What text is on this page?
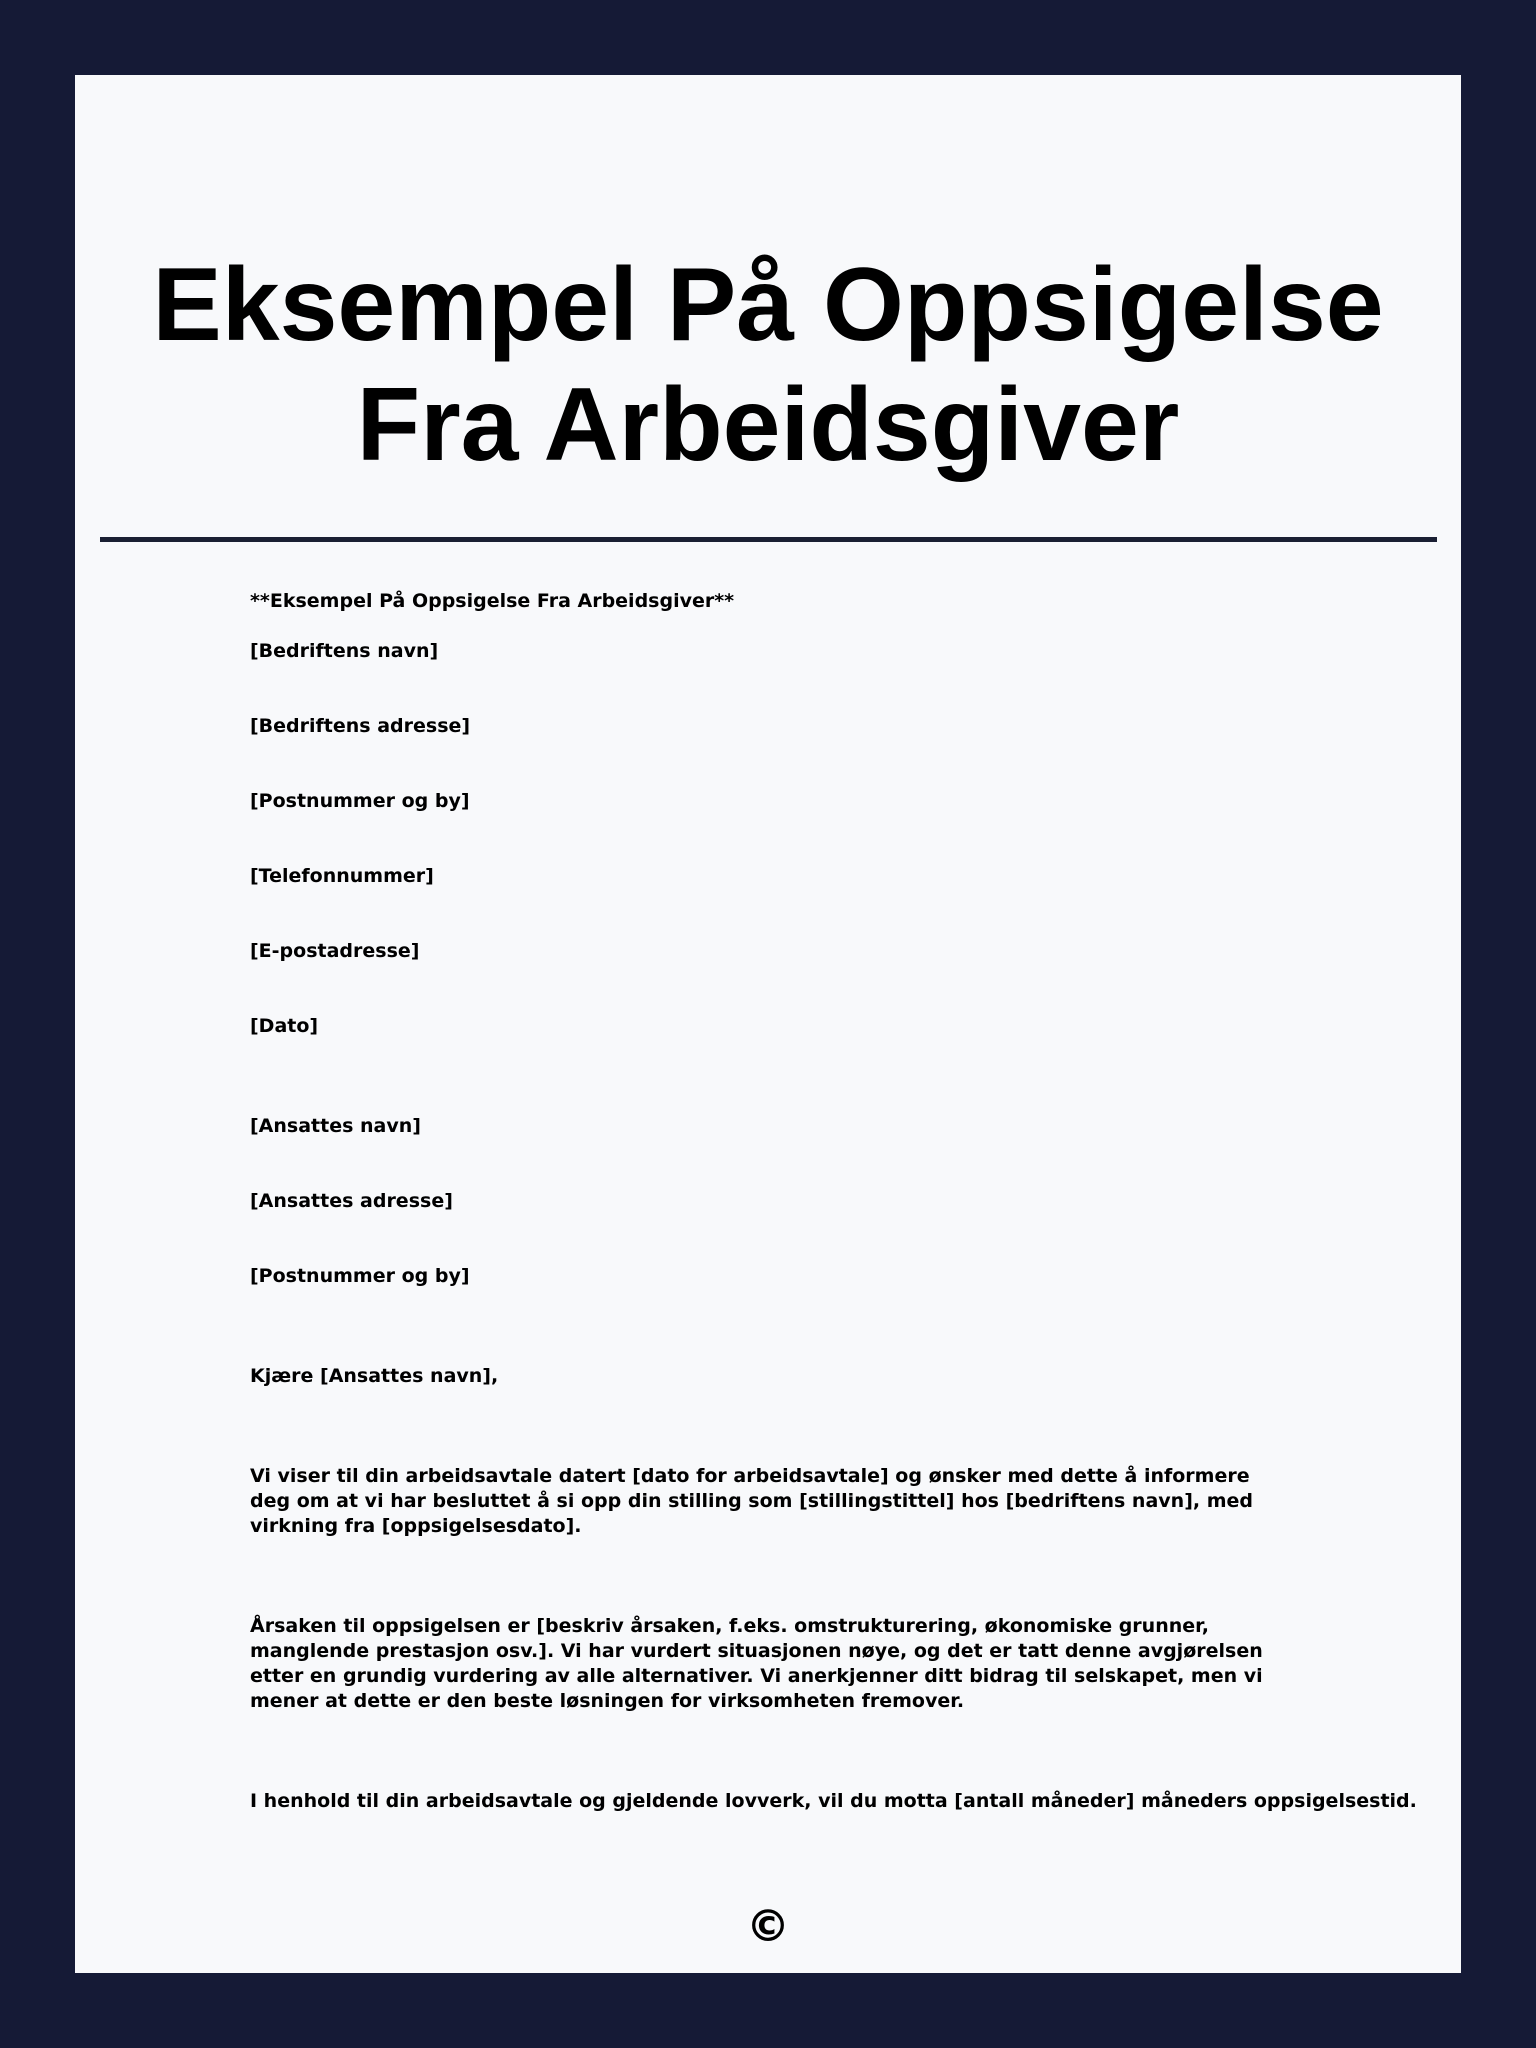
Eksempel På Oppsigelse Fra Arbeidsgiver

**Eksempel På Oppsigelse Fra Arbeidsgiver**

[Bedriftens navn]

[Bedriftens adresse]

[Postnummer og by]

[Telefonnummer]

[E-postadresse]

[Dato]

[Ansattes navn]

[Ansattes adresse]

[Postnummer og by]

Kjære [Ansattes navn],

Vi viser til din arbeidsavtale datert [dato for arbeidsavtale] og ønsker med dette å informere deg om at vi har besluttet å si opp din stilling som [stillingstittel] hos [bedriftens navn], med virkning fra [oppsigelsesdato].

Årsaken til oppsigelsen er [beskriv årsaken, f.eks. omstrukturering, økonomiske grunner, manglende prestasjon osv.]. Vi har vurdert situasjonen nøye, og det er tatt denne avgjørelsen etter en grundig vurdering av alle alternativer. Vi anerkjenner ditt bidrag til selskapet, men vi mener at dette er den beste løsningen for virksomheten fremover.

I henhold til din arbeidsavtale og gjeldende lovverk, vil du motta [antall måneder] måneders oppsigelsestid.

©
